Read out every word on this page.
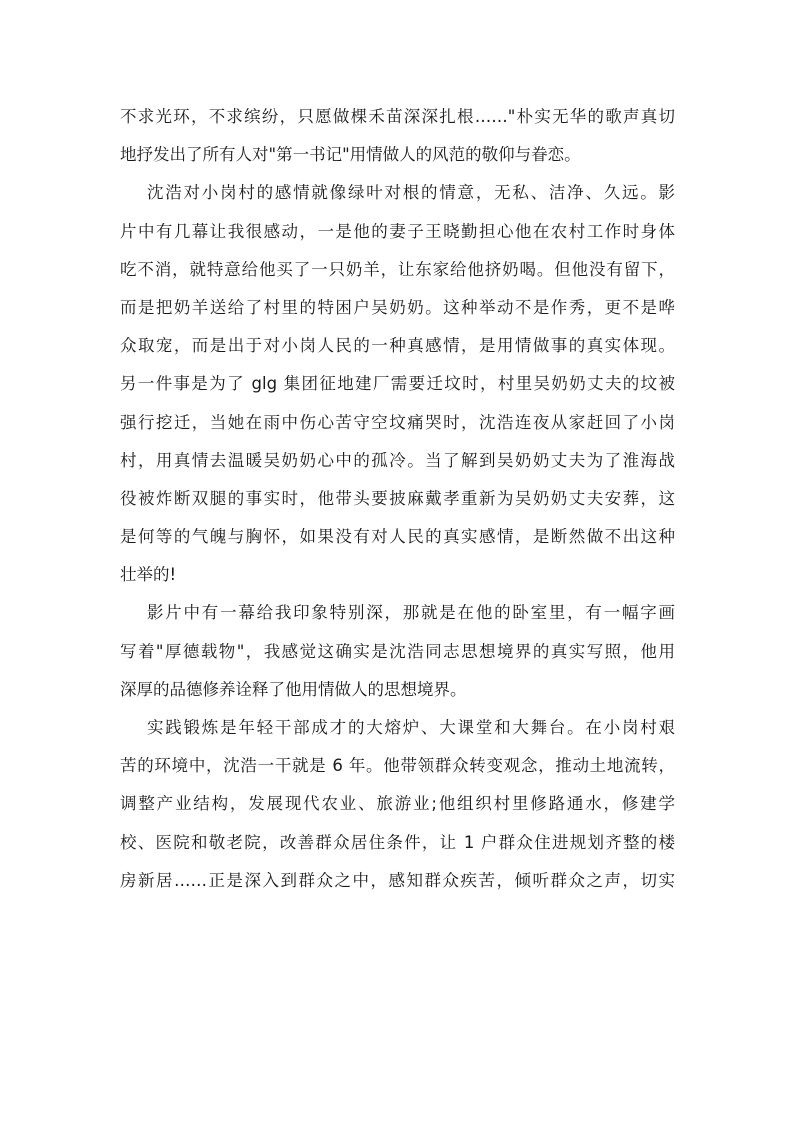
不求光环，不求缤纷，只愿做棵禾苗深深扎根……"朴实无华的歌声真切
地抒发出了所有人对"第一书记"用情做人的风范的敬仰与眷恋。
沈浩对小岗村的感情就像绿叶对根的情意，无私、洁净、久远。影
片中有几幕让我很感动，一是他的妻子王晓勤担心他在农村工作时身体
吃不消，就特意给他买了一只奶羊，让东家给他挤奶喝。但他没有留下，
而是把奶羊送给了村里的特困户吴奶奶。这种举动不是作秀，更不是哗
众取宠，而是出于对小岗人民的一种真感情，是用情做事的真实体现。
另一件事是为了 glg 集团征地建厂需要迁坟时，村里吴奶奶丈夫的坟被
强行挖迁，当她在雨中伤心苦守空坟痛哭时，沈浩连夜从家赶回了小岗
村，用真情去温暖吴奶奶心中的孤冷。当了解到吴奶奶丈夫为了淮海战
役被炸断双腿的事实时，他带头要披麻戴孝重新为吴奶奶丈夫安葬，这
是何等的气魄与胸怀，如果没有对人民的真实感情，是断然做不出这种
壮举的!
影片中有一幕给我印象特别深，那就是在他的卧室里，有一幅字画
写着"厚德载物"，我感觉这确实是沈浩同志思想境界的真实写照，他用
深厚的品德修养诠释了他用情做人的思想境界。
实践锻炼是年轻干部成才的大熔炉、大课堂和大舞台。在小岗村艰
苦的环境中，沈浩一干就是 6 年。他带领群众转变观念，推动土地流转，
调整产业结构，发展现代农业、旅游业;他组织村里修路通水，修建学
校、医院和敬老院，改善群众居住条件，让 1 户群众住进规划齐整的楼
房新居……正是深入到群众之中，感知群众疾苦，倾听群众之声，切实
